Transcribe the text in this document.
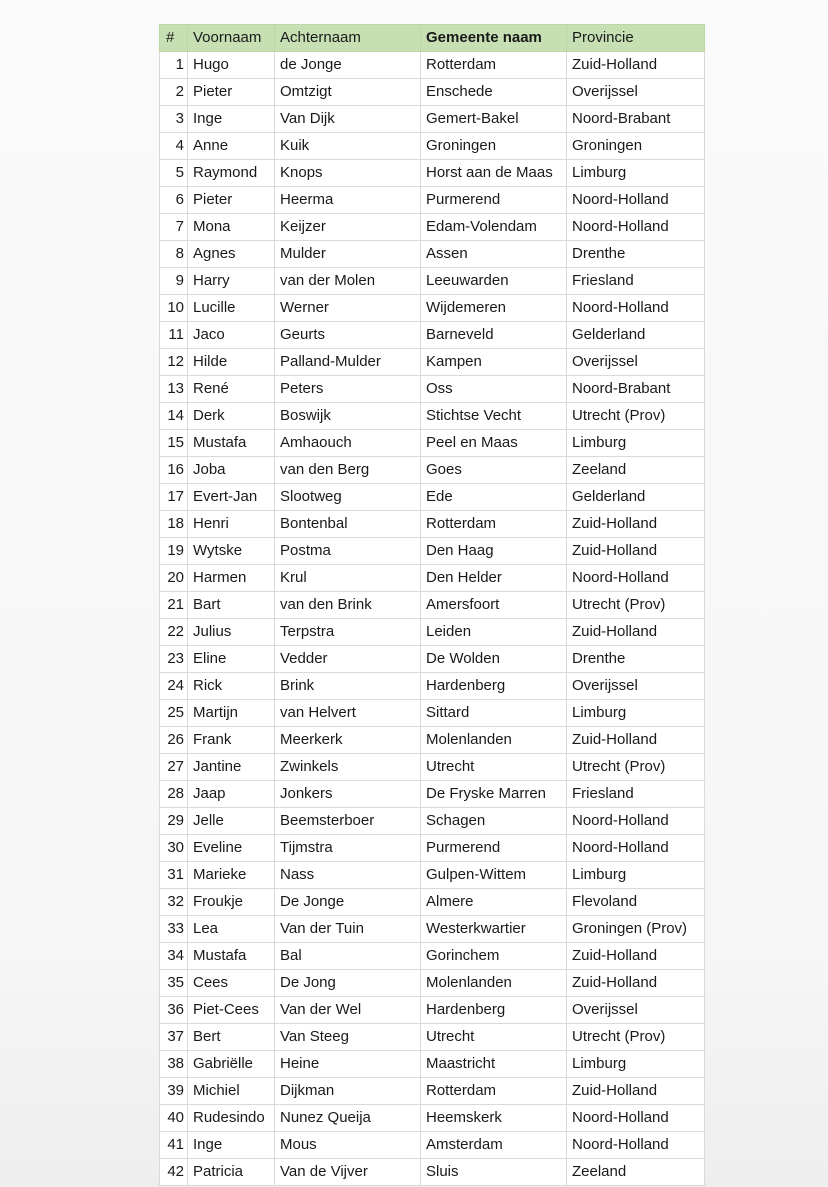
#	Voornaam	Achternaam	Gemeente naam	Provincie
1	Hugo	de Jonge	Rotterdam	Zuid-Holland
2	Pieter	Omtzigt	Enschede	Overijssel
3	Inge	Van Dijk	Gemert-Bakel	Noord-Brabant
4	Anne	Kuik	Groningen	Groningen
5	Raymond	Knops	Horst aan de Maas	Limburg
6	Pieter	Heerma	Purmerend	Noord-Holland
7	Mona	Keijzer	Edam-Volendam	Noord-Holland
8	Agnes	Mulder	Assen	Drenthe
9	Harry	van der Molen	Leeuwarden	Friesland
10	Lucille	Werner	Wijdemeren	Noord-Holland
11	Jaco	Geurts	Barneveld	Gelderland
12	Hilde	Palland-Mulder	Kampen	Overijssel
13	René	Peters	Oss	Noord-Brabant
14	Derk	Boswijk	Stichtse Vecht	Utrecht (Prov)
15	Mustafa	Amhaouch	Peel en Maas	Limburg
16	Joba	van den Berg	Goes	Zeeland
17	Evert-Jan	Slootweg	Ede	Gelderland
18	Henri	Bontenbal	Rotterdam	Zuid-Holland
19	Wytske	Postma	Den Haag	Zuid-Holland
20	Harmen	Krul	Den Helder	Noord-Holland
21	Bart	van den Brink	Amersfoort	Utrecht (Prov)
22	Julius	Terpstra	Leiden	Zuid-Holland
23	Eline	Vedder	De Wolden	Drenthe
24	Rick	Brink	Hardenberg	Overijssel
25	Martijn	van Helvert	Sittard	Limburg
26	Frank	Meerkerk	Molenlanden	Zuid-Holland
27	Jantine	Zwinkels	Utrecht	Utrecht (Prov)
28	Jaap	Jonkers	De Fryske Marren	Friesland
29	Jelle	Beemsterboer	Schagen	Noord-Holland
30	Eveline	Tijmstra	Purmerend	Noord-Holland
31	Marieke	Nass	Gulpen-Wittem	Limburg
32	Froukje	De Jonge	Almere	Flevoland
33	Lea	Van der Tuin	Westerkwartier	Groningen (Prov)
34	Mustafa	Bal	Gorinchem	Zuid-Holland
35	Cees	De Jong	Molenlanden	Zuid-Holland
36	Piet-Cees	Van der Wel	Hardenberg	Overijssel
37	Bert	Van Steeg	Utrecht	Utrecht (Prov)
38	Gabriëlle	Heine	Maastricht	Limburg
39	Michiel	Dijkman	Rotterdam	Zuid-Holland
40	Rudesindo	Nunez Queija	Heemskerk	Noord-Holland
41	Inge	Mous	Amsterdam	Noord-Holland
42	Patricia	Van de Vijver	Sluis	Zeeland
